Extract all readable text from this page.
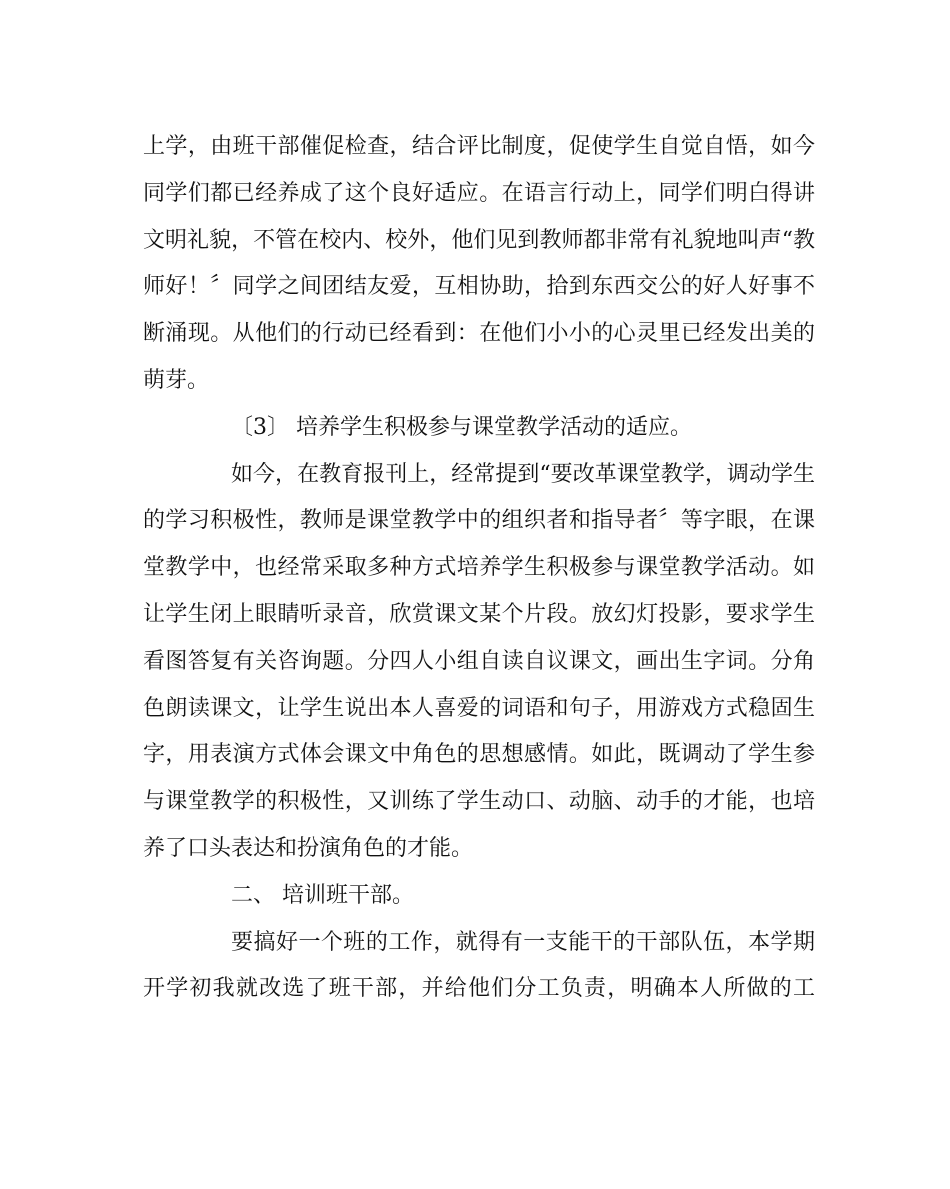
上学，由班干部催促检查，结合评比制度，促使学生自觉自悟，如今
同学们都已经养成了这个良好适应。在语言行动上，同学们明白得讲
文明礼貌，不管在校内、校外，他们见到教师都非常有礼貌地叫声“教
师好！〞同学之间团结友爱，互相协助，拾到东西交公的好人好事不
断涌现。从他们的行动已经看到：在他们小小的心灵里已经发出美的
萌芽。
〔3〕 培养学生积极参与课堂教学活动的适应。
如今，在教育报刊上，经常提到“要改革课堂教学，调动学生
的学习积极性，教师是课堂教学中的组织者和指导者〞等字眼，在课
堂教学中，也经常采取多种方式培养学生积极参与课堂教学活动。如
让学生闭上眼睛听录音，欣赏课文某个片段。放幻灯投影，要求学生
看图答复有关咨询题。分四人小组自读自议课文，画出生字词。分角
色朗读课文，让学生说出本人喜爱的词语和句子，用游戏方式稳固生
字，用表演方式体会课文中角色的思想感情。如此，既调动了学生参
与课堂教学的积极性，又训练了学生动口、动脑、动手的才能，也培
养了口头表达和扮演角色的才能。
二、 培训班干部。
要搞好一个班的工作，就得有一支能干的干部队伍，本学期
开学初我就改选了班干部，并给他们分工负责，明确本人所做的工
